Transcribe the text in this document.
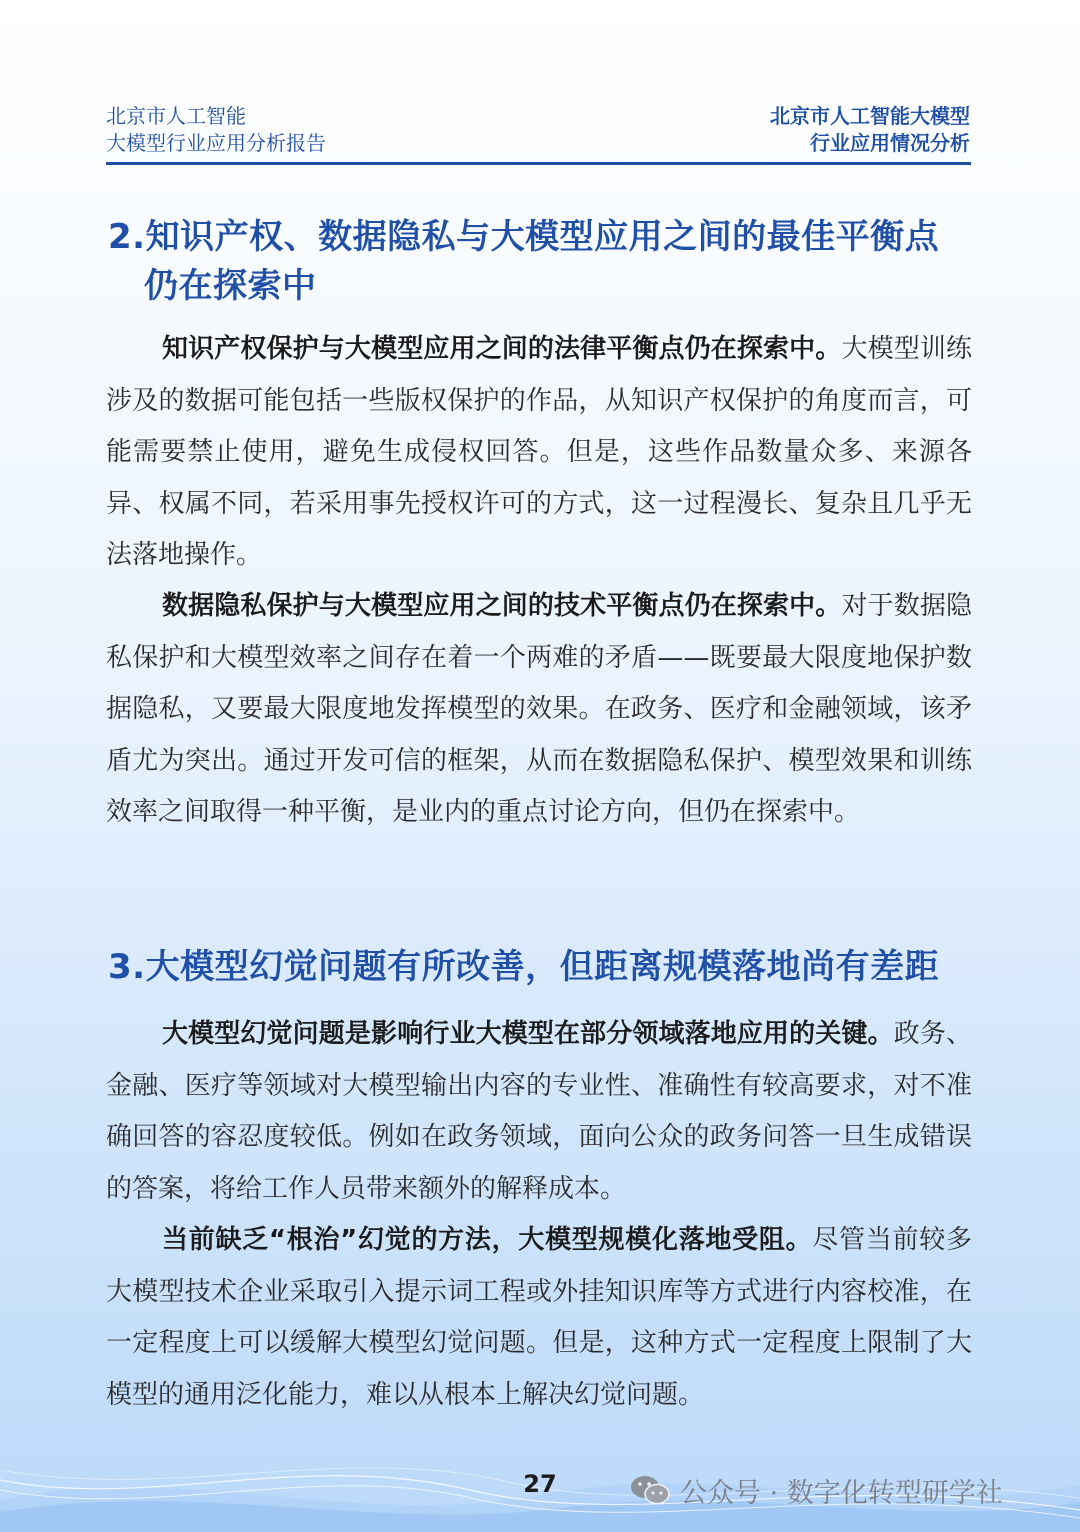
北京市人工智能
大模型行业应用分析报告
北京市人工智能大模型
行业应用情况分析
2.知识产权、数据隐私与大模型应用之间的最佳平衡点
仍在探索中

知识产权保护与大模型应用之间的法律平衡点仍在探索中。大模型训练涉及的数据可能包括一些版权保护的作品，从知识产权保护的角度而言，可能需要禁止使用，避免生成侵权回答。但是，这些作品数量众多、来源各异、权属不同，若采用事先授权许可的方式，这一过程漫长、复杂且几乎无法落地操作。

数据隐私保护与大模型应用之间的技术平衡点仍在探索中。对于数据隐私保护和大模型效率之间存在着一个两难的矛盾——既要最大限度地保护数据隐私，又要最大限度地发挥模型的效果。在政务、医疗和金融领域，该矛盾尤为突出。通过开发可信的框架，从而在数据隐私保护、模型效果和训练效率之间取得一种平衡，是业内的重点讨论方向，但仍在探索中。

3.大模型幻觉问题有所改善，但距离规模落地尚有差距

大模型幻觉问题是影响行业大模型在部分领域落地应用的关键。政务、金融、医疗等领域对大模型输出内容的专业性、准确性有较高要求，对不准确回答的容忍度较低。例如在政务领域，面向公众的政务问答一旦生成错误的答案，将给工作人员带来额外的解释成本。

当前缺乏“根治”幻觉的方法，大模型规模化落地受阻。尽管当前较多大模型技术企业采取引入提示词工程或外挂知识库等方式进行内容校准，在一定程度上可以缓解大模型幻觉问题。但是，这种方式一定程度上限制了大模型的通用泛化能力，难以从根本上解决幻觉问题。

27	公众号 · 数字化转型研学社
